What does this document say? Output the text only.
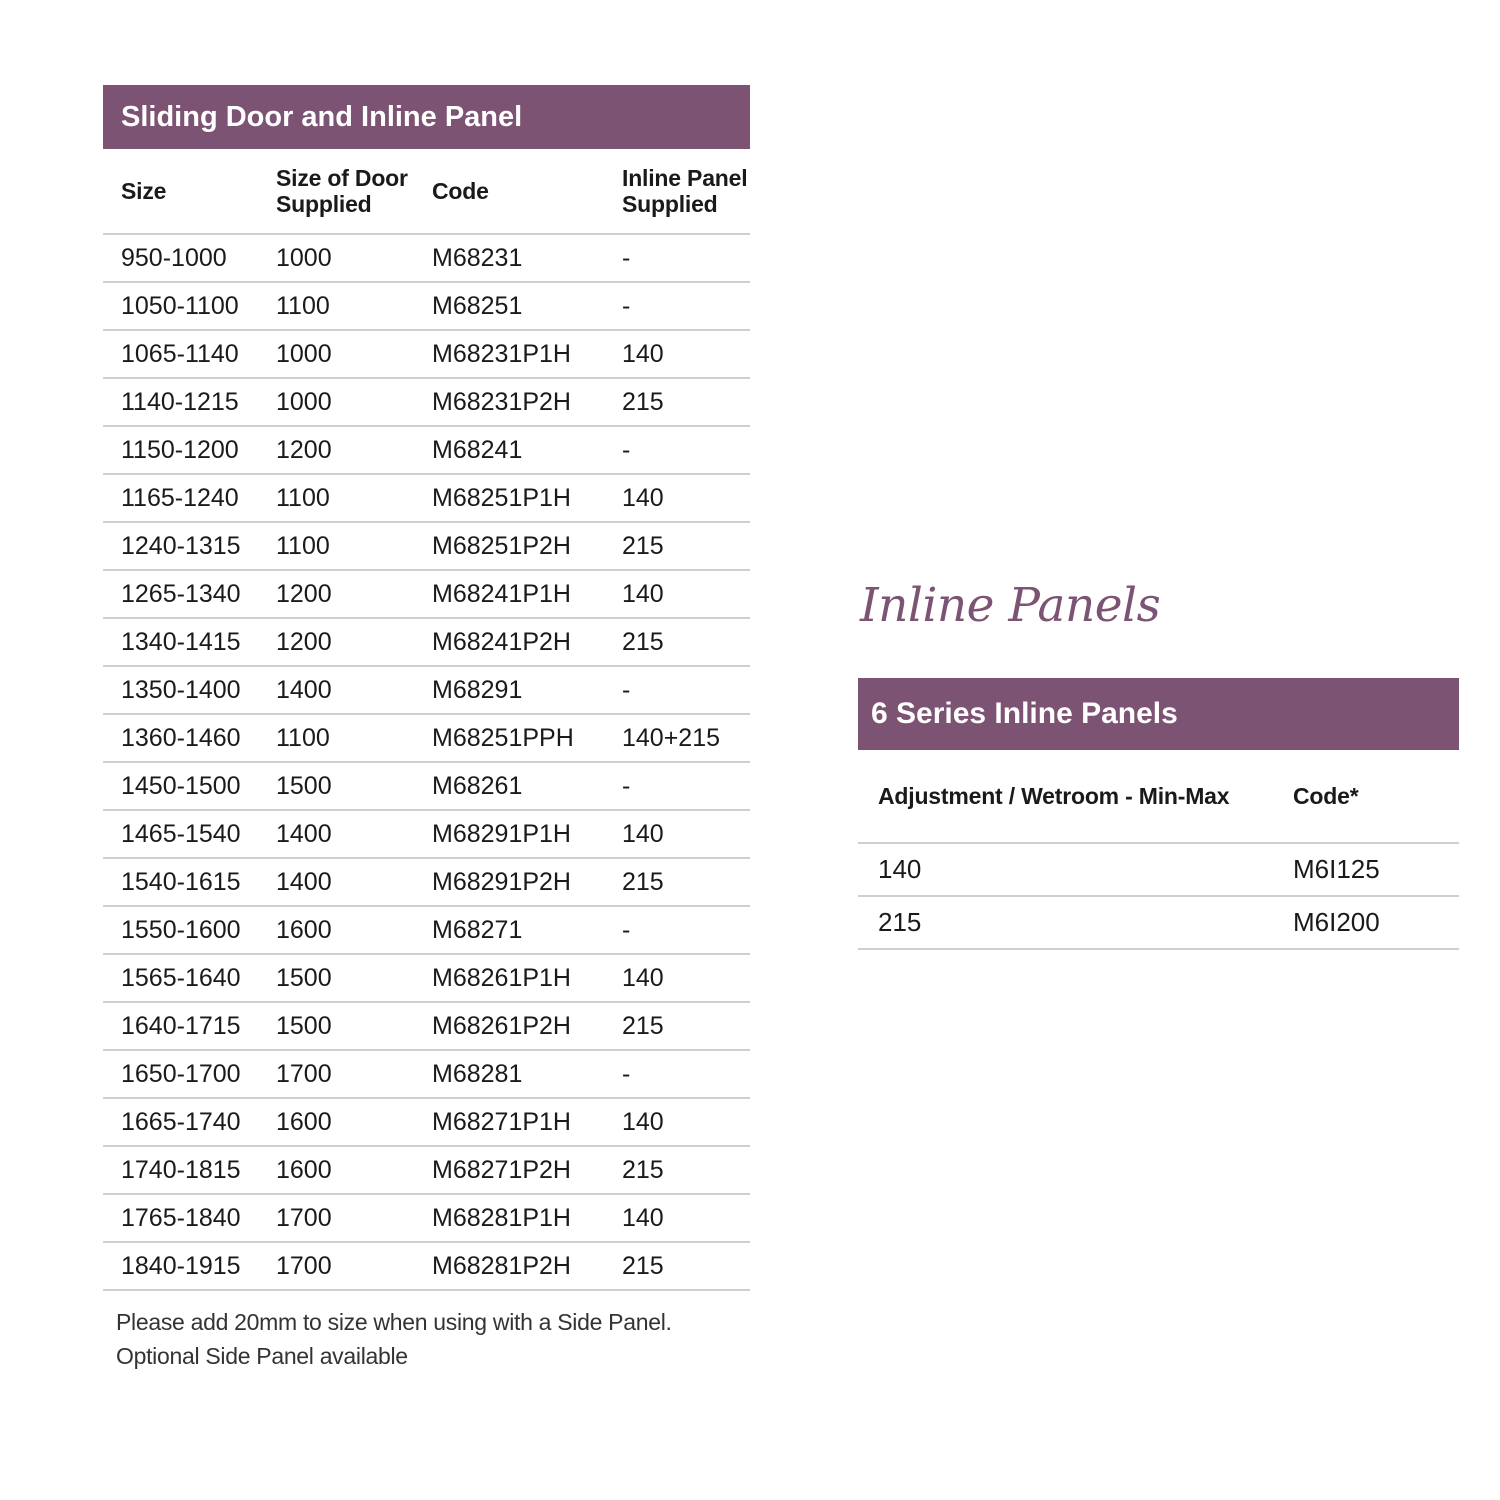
Sliding Door and Inline Panel
Size	Size of Door Supplied	Code	Inline Panel Supplied
950-1000	1000	M68231	-
1050-1100	1100	M68251	-
1065-1140	1000	M68231P1H	140
1140-1215	1000	M68231P2H	215
1150-1200	1200	M68241	-
1165-1240	1100	M68251P1H	140
1240-1315	1100	M68251P2H	215
1265-1340	1200	M68241P1H	140
1340-1415	1200	M68241P2H	215
1350-1400	1400	M68291	-
1360-1460	1100	M68251PPH	140+215
1450-1500	1500	M68261	-
1465-1540	1400	M68291P1H	140
1540-1615	1400	M68291P2H	215
1550-1600	1600	M68271	-
1565-1640	1500	M68261P1H	140
1640-1715	1500	M68261P2H	215
1650-1700	1700	M68281	-
1665-1740	1600	M68271P1H	140
1740-1815	1600	M68271P2H	215
1765-1840	1700	M68281P1H	140
1840-1915	1700	M68281P2H	215
Please add 20mm to size when using with a Side Panel.
Optional Side Panel available
Inline Panels
6 Series Inline Panels
Adjustment / Wetroom - Min-Max	Code*
140	M6I125
215	M6I200
